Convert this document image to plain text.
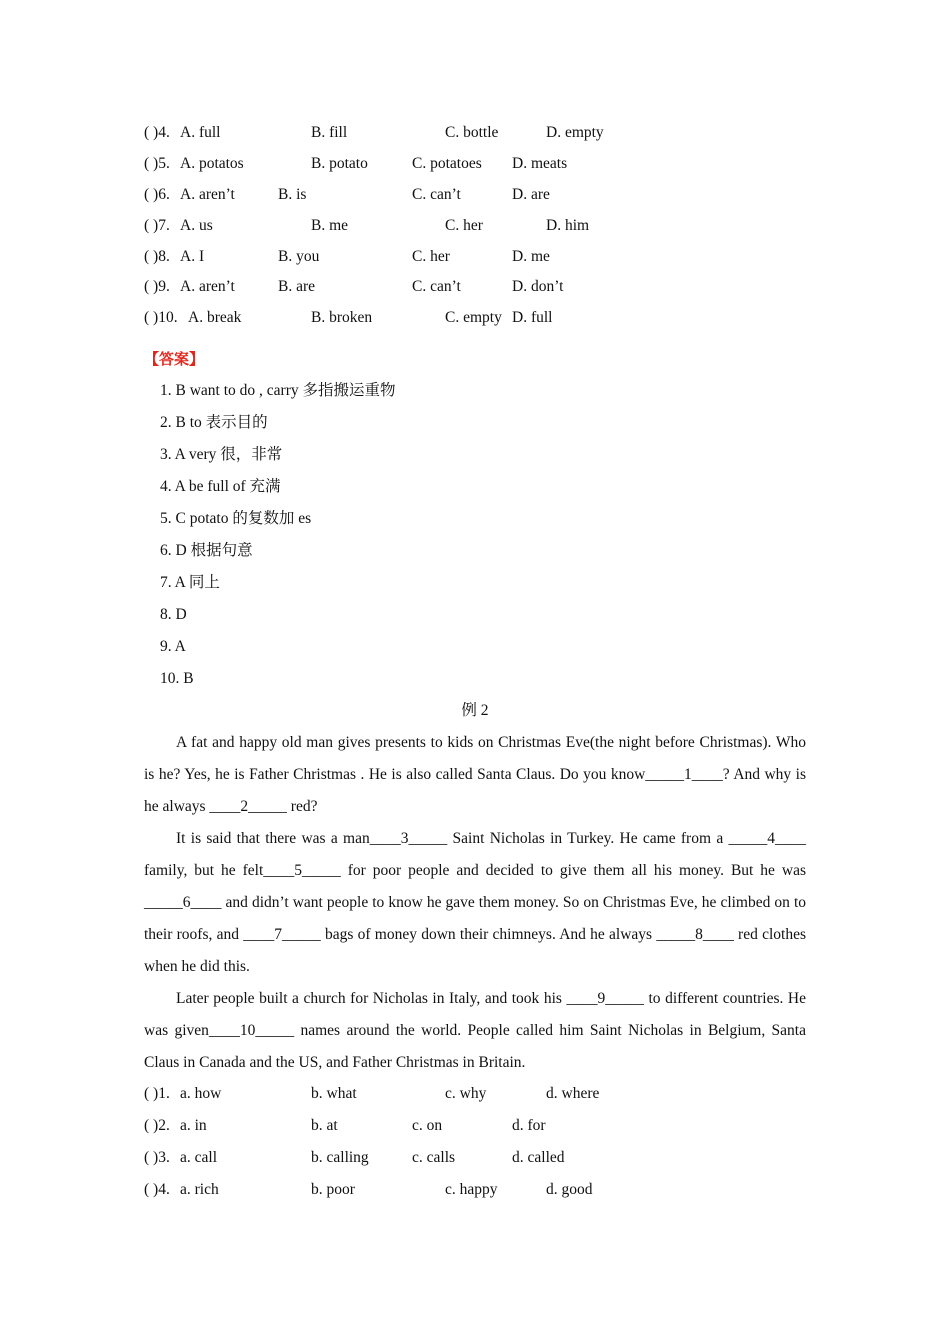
( )4. A. full	B. fill	C. bottle	D. empty
( )5. A. potatos	B. potato	C. potatoes D. meats
( )6. A. aren’t	B. is	C. can’t	D. are
( )7. A. us	B. me	C. her	D. him
( )8. A. I	B. you	C. her	D. me
( )9. A. aren’t	B. are	C. can’t	D. don’t
( )10. A. break	B. broken	C. empty D. full
【答案】
1. B want to do , carry 多指搬运重物
2. B to 表示目的
3. A very 很，非常
4. A be full of 充满
5. C potato 的复数加 es
6. D 根据句意
7. A 同上
8. D
9. A
10. B
例 2

A fat and happy old man gives presents to kids on Christmas Eve(the night before Christmas). Who is he? Yes, he is Father Christmas . He is also called Santa Claus. Do you know_____1____? And why is he always ____2_____ red?

It is said that there was a man____3_____ Saint Nicholas in Turkey. He came from a _____4____ family, but he felt____5_____ for poor people and decided to give them all his money. But he was _____6____ and didn’t want people to know he gave them money. So on Christmas Eve, he climbed on to their roofs, and ____7_____ bags of money down their chimneys. And he always _____8____ red clothes when he did this.

Later people built a church for Nicholas in Italy, and took his ____9_____ to different countries. He was given____10_____ names around the world. People called him Saint Nicholas in Belgium, Santa Claus in Canada and the US, and Father Christmas in Britain.

( )1. a. how	b. what	c. why	d. where
( )2. a. in	b. at	c. on	d. for
( )3. a. call	b. calling	c. calls	d. called
( )4. a. rich	b. poor	c. happy	d. good
